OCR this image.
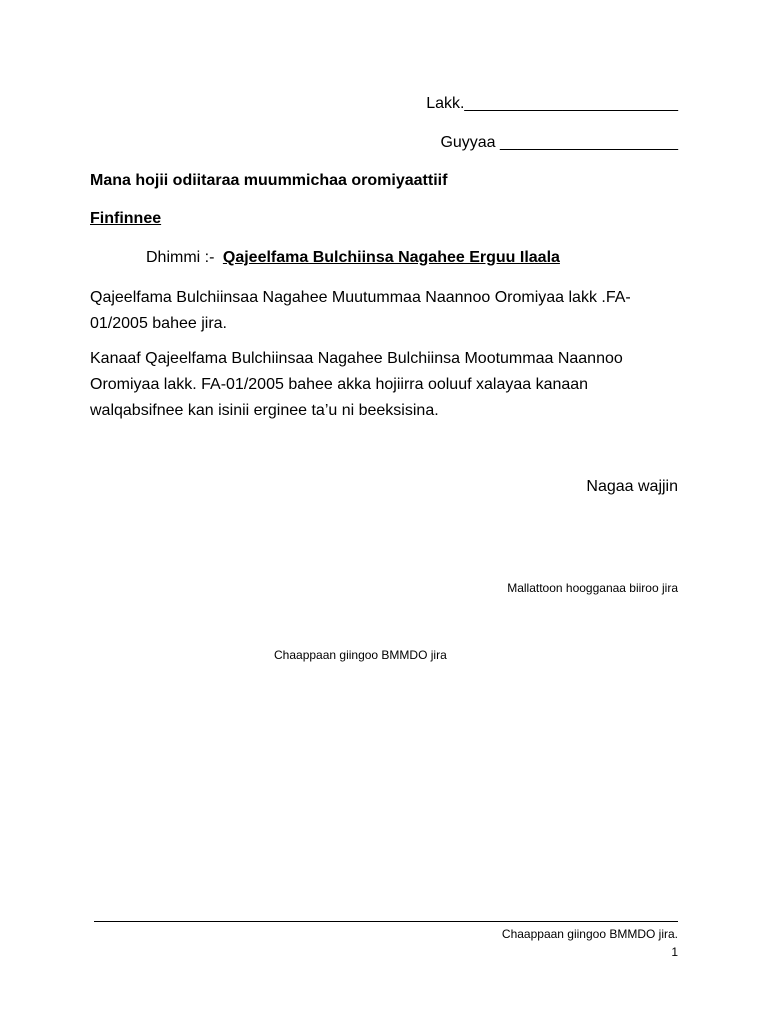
Lakk.________________________
Guyyaa ____________________
Mana hojii odiitaraa muummichaa oromiyaattiif
Finfinnee
Dhimmi :- Qajeelfama Bulchiinsa Nagahee Erguu Ilaala
Qajeelfama Bulchiinsaa Nagahee Muutummaa Naannoo Oromiyaa lakk .FA-01/2005 bahee jira.
Kanaaf Qajeelfama Bulchiinsaa Nagahee Bulchiinsa Mootummaa Naannoo Oromiyaa lakk. FA-01/2005 bahee akka hojiirra ooluuf xalayaa kanaan walqabsifnee kan isinii erginee ta’u ni beeksisina.
Nagaa wajjin
Mallattoon hoogganaa biiroo jira
Chaappaan giingoo BMMDO jira
Chaappaan giingoo BMMDO jira.
1
